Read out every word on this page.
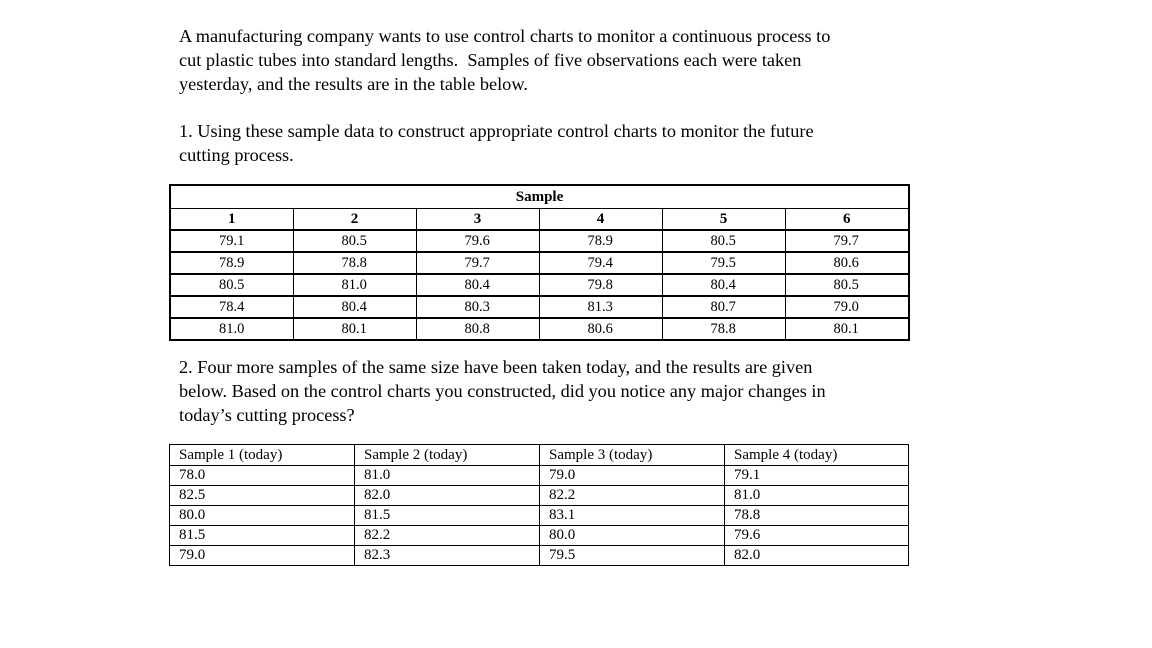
A manufacturing company wants to use control charts to monitor a continuous process to
cut plastic tubes into standard lengths.  Samples of five observations each were taken
yesterday, and the results are in the table below.
1. Using these sample data to construct appropriate control charts to monitor the future
cutting process.
Sample					
1	2	3	4	5	6
79.1	80.5	79.6	78.9	80.5	79.7
78.9	78.8	79.7	79.4	79.5	80.6
80.5	81.0	80.4	79.8	80.4	80.5
78.4	80.4	80.3	81.3	80.7	79.0
81.0	80.1	80.8	80.6	78.8	80.1
2. Four more samples of the same size have been taken today, and the results are given
below. Based on the control charts you constructed, did you notice any major changes in
today’s cutting process?
Sample 1 (today)	Sample 2 (today)	Sample 3 (today)	Sample 4 (today)
78.0	81.0	79.0	79.1
82.5	82.0	82.2	81.0
80.0	81.5	83.1	78.8
81.5	82.2	80.0	79.6
79.0	82.3	79.5	82.0
